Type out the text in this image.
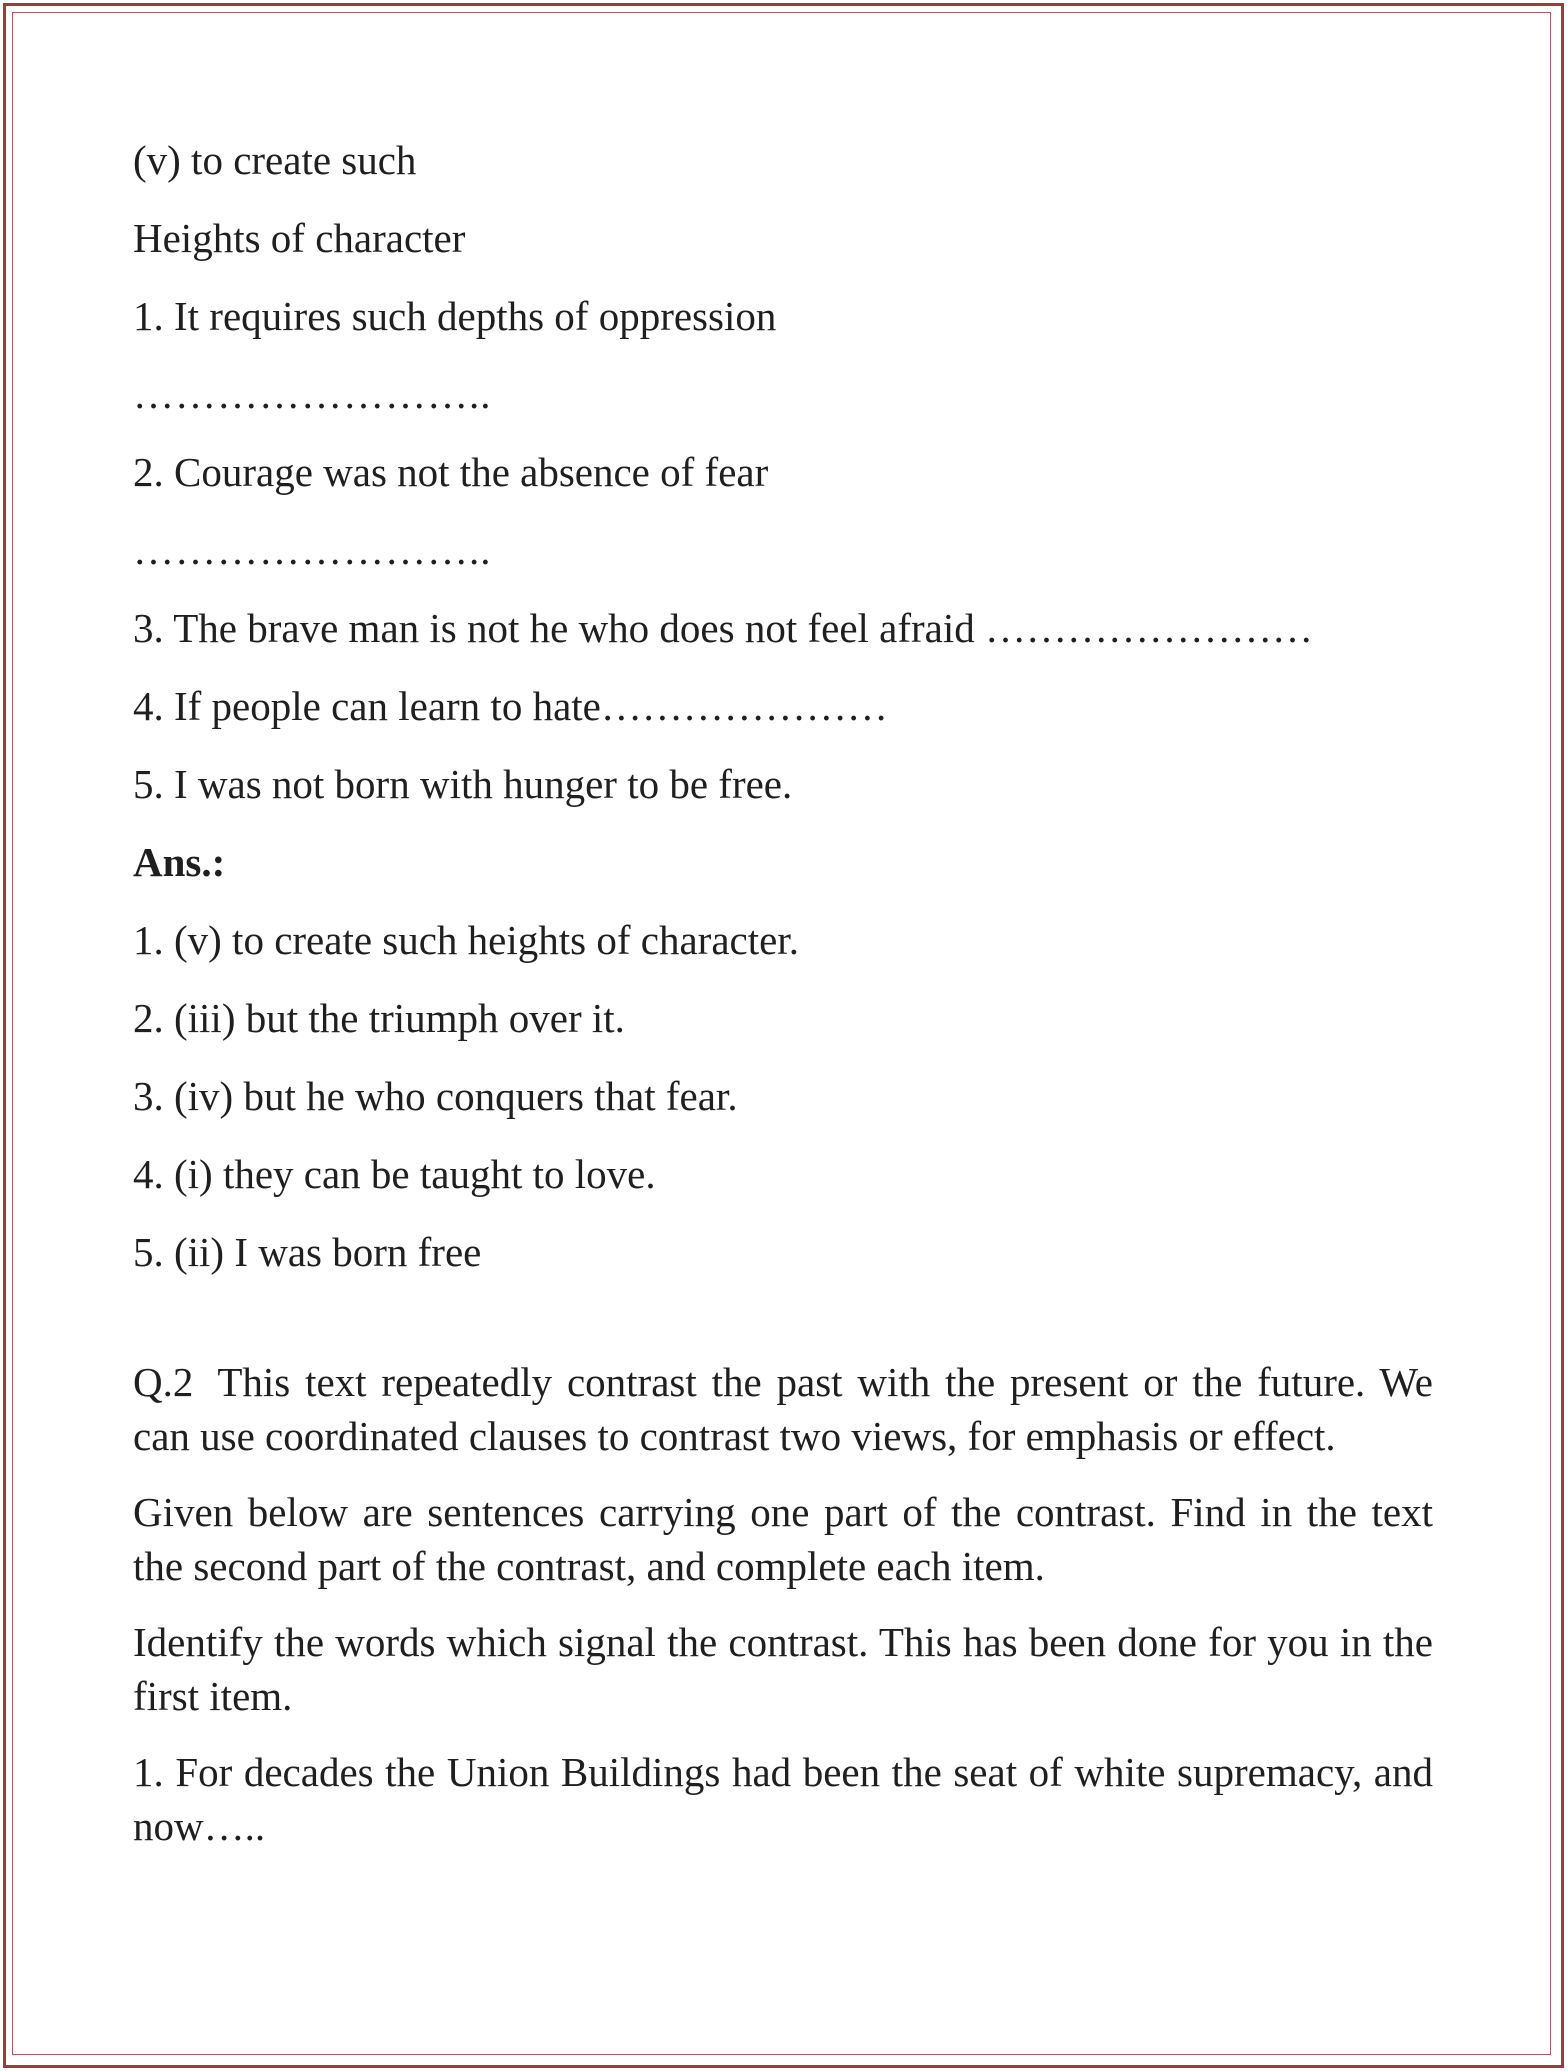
(v) to create such
Heights of character
1. It requires such depths of oppression
……………………..
2. Courage was not the absence of fear
……………………..
3. The brave man is not he who does not feel afraid ……………………
4. If people can learn to hate…………………
5. I was not born with hunger to be free.
Ans.:
1. (v) to create such heights of character.
2. (iii) but the triumph over it.
3. (iv) but he who conquers that fear.
4. (i) they can be taught to love.
5. (ii) I was born free

Q.2 This text repeatedly contrast the past with the present or the future. We can use coordinated clauses to contrast two views, for emphasis or effect.

Given below are sentences carrying one part of the contrast. Find in the text the second part of the contrast, and complete each item.

Identify the words which signal the contrast. This has been done for you in the first item.

1. For decades the Union Buildings had been the seat of white supremacy, and now…..
